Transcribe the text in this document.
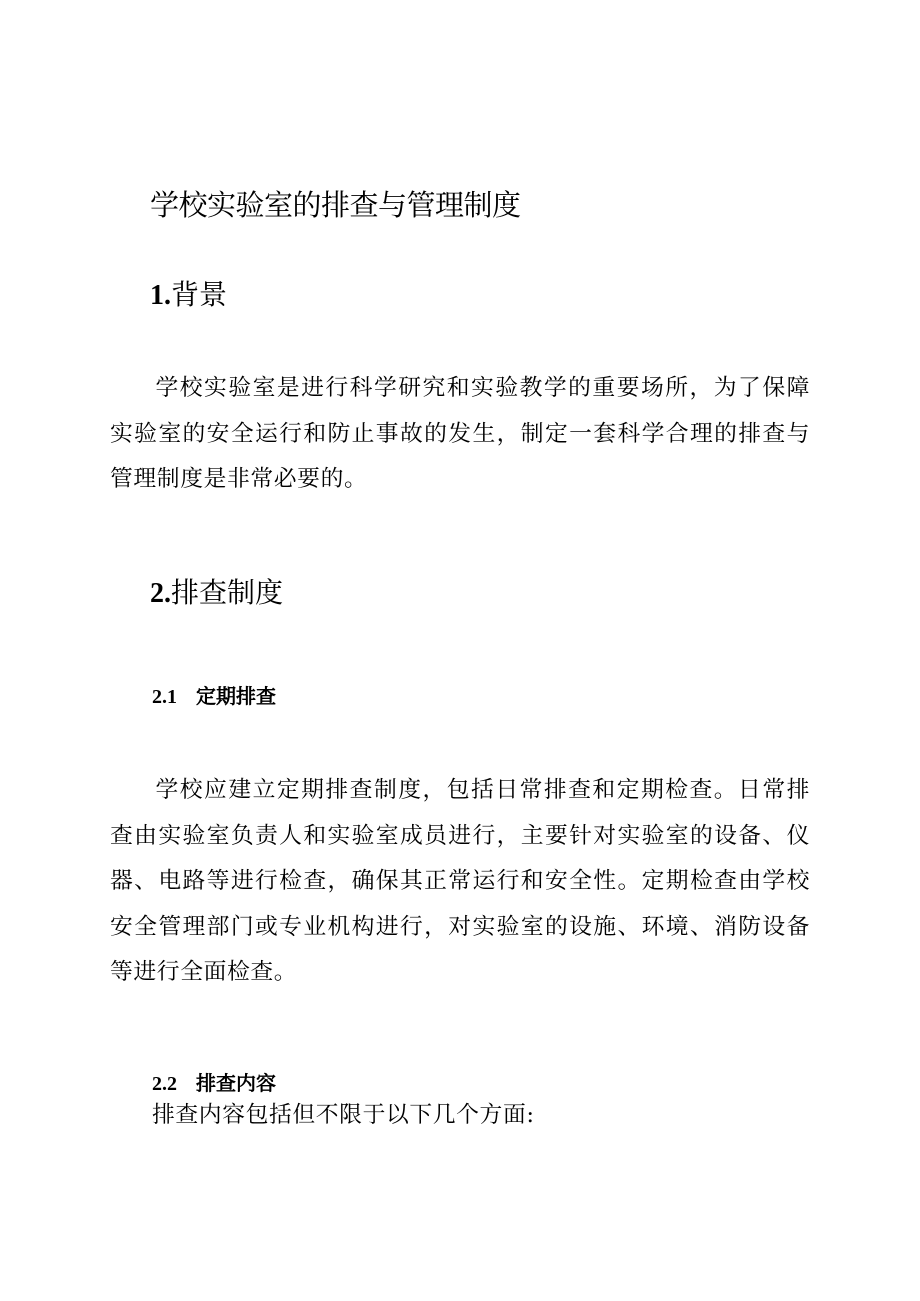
学校实验室的排查与管理制度
1.背景

学校实验室是进行科学研究和实验教学的重要场所，为了保障实验室的安全运行和防止事故的发生，制定一套科学合理的排查与管理制度是非常必要的。

2.排查制度
2.1 定期排查

学校应建立定期排查制度，包括日常排查和定期检查。日常排查由实验室负责人和实验室成员进行，主要针对实验室的设备、仪器、电路等进行检查，确保其正常运行和安全性。定期检查由学校安全管理部门或专业机构进行，对实验室的设施、环境、消防设备等进行全面检查。

2.2 排查内容
排查内容包括但不限于以下几个方面:
